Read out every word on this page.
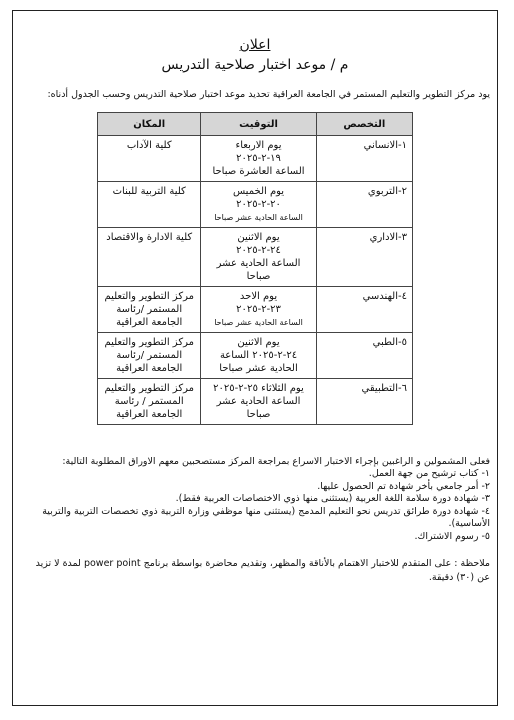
اعلان

م / موعد اختبار صلاحية التدريس

يود مركز التطوير والتعليم المستمر في الجامعة العراقية تحديد موعد اختبار صلاحية التدريس وحسب الجدول أدناه:

التخصص	التوقيت	المكان
١-الانساني	يوم الاربعاء
١٩-٢-٢٠٢٥
الساعة العاشرة صباحا	كلية الآداب
٢-التربوي	يوم الخميس
٢٠-٢-٢٠٢٥
الساعة الحادية عشر صباحا	كلية التربية للبنات
٣-الاداري	يوم الاثنين
٢٤-٢-٢٠٢٥
الساعة الحادية عشر صباحا	كلية الادارة والاقتصاد
٤-الهندسي	يوم الاحد
٢٣-٢-٢٠٢٥
الساعة الحادية عشر صباحا	مركز التطوير والتعليم المستمر /رئاسة الجامعة العراقية
٥-الطبي	يوم الاثنين
٢٤-٢-٢٠٢٥ الساعة
الحادية عشر صباحا	مركز التطوير والتعليم المستمر /رئاسة الجامعة العراقية
٦-التطبيقي	يوم الثلاثاء ٢٥-٢-٢٠٢٥
الساعة الحادية عشر
صباحا	مركز التطوير والتعليم المستمر / رئاسة الجامعة العراقية

فعلى المشمولين و الراغبين بإجراء الاختبار الاسراع بمراجعة المركز مستصحبين معهم الاوراق المطلوبة التالية:

١- كتاب ترشيح من جهة العمل.
٢- أمر جامعي بأخر شهادة تم الحصول عليها.
٣- شهادة دورة سلامة اللغة العربية (يستثنى منها ذوي الاختصاصات العربية فقط).
٤- شهادة دورة طرائق تدريس نحو التعليم المدمج (يستثنى منها موظفي وزارة التربية ذوي تخصصات التربية والتربية الأساسية).
٥- رسوم الاشتراك.

ملاحظة : على المتقدم للاختبار الاهتمام بالأناقة والمظهر، وتقديم محاضرة بواسطة برنامج power point لمدة لا تزيد عن (٣٠) دقيقة.
